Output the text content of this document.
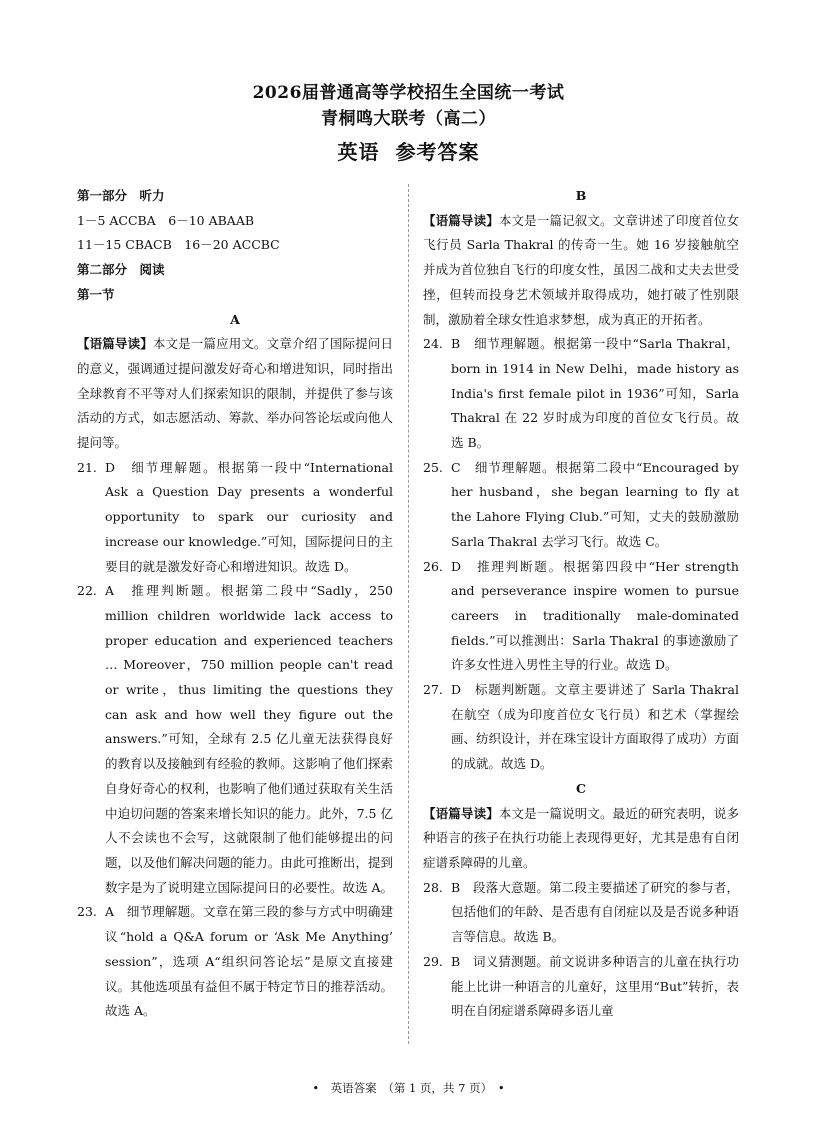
2026届普通高等学校招生全国统一考试
青桐鸣大联考（高二）
英语 参考答案
第一部分　听力
1－5 ACCBA　6－10 ABAAB
11－15 CBACB　16－20 ACCBC
第二部分　阅读
第一节
A
【语篇导读】本文是一篇应用文。文章介绍了国际提问日的意义，强调通过提问激发好奇心和增进知识，同时指出全球教育不平等对人们探索知识的限制，并提供了参与该活动的方式，如志愿活动、筹款、举办问答论坛或向他人提问等。
21. D　细节理解题。根据第一段中“International Ask a Question Day presents a wonderful opportunity to spark our curiosity and increase our knowledge.”可知，国际提问日的主要目的就是激发好奇心和增进知识。故选 D。
22. A　推理判断题。根据第二段中“Sadly，250 million children worldwide lack access to proper education and experienced teachers … Moreover，750 million people can't read or write，thus limiting the questions they can ask and how well they figure out the answers.”可知，全球有 2.5 亿儿童无法获得良好的教育以及接触到有经验的教师。这影响了他们探索自身好奇心的权利，也影响了他们通过获取有关生活中迫切问题的答案来增长知识的能力。此外，7.5 亿人不会读也不会写，这就限制了他们能够提出的问题，以及他们解决问题的能力。由此可推断出，提到数字是为了说明建立国际提问日的必要性。故选 A。
23. A　细节理解题。文章在第三段的参与方式中明确建议“hold a Q&A forum or ‘Ask Me Anything’ session”，选项 A“组织问答论坛”是原文直接建议。其他选项虽有益但不属于特定节日的推荐活动。故选 A。
B
【语篇导读】本文是一篇记叙文。文章讲述了印度首位女飞行员 Sarla Thakral 的传奇一生。她 16 岁接触航空并成为首位独自飞行的印度女性，虽因二战和丈夫去世受挫，但转而投身艺术领域并取得成功，她打破了性别限制，激励着全球女性追求梦想，成为真正的开拓者。
24. B　细节理解题。根据第一段中“Sarla Thakral，born in 1914 in New Delhi，made history as India's first female pilot in 1936”可知，Sarla Thakral 在 22 岁时成为印度的首位女飞行员。故选 B。
25. C　细节理解题。根据第二段中“Encouraged by her husband，she began learning to fly at the Lahore Flying Club.”可知，丈夫的鼓励激励 Sarla Thakral 去学习飞行。故选 C。
26. D　推理判断题。根据第四段中“Her strength and perseverance inspire women to pursue careers in traditionally male-dominated fields.”可以推测出：Sarla Thakral 的事迹激励了许多女性进入男性主导的行业。故选 D。
27. D　标题判断题。文章主要讲述了 Sarla Thakral 在航空（成为印度首位女飞行员）和艺术（掌握绘画、纺织设计，并在珠宝设计方面取得了成功）方面的成就。故选 D。
C
【语篇导读】本文是一篇说明文。最近的研究表明，说多种语言的孩子在执行功能上表现得更好，尤其是患有自闭症谱系障碍的儿童。
28. B　段落大意题。第二段主要描述了研究的参与者，包括他们的年龄、是否患有自闭症以及是否说多种语言等信息。故选 B。
29. B　词义猜测题。前文说讲多种语言的儿童在执行功能上比讲一种语言的儿童好，这里用“But”转折，表明在自闭症谱系障碍多语儿童
•　英语答案　（第 1 页，共 7 页）　•
